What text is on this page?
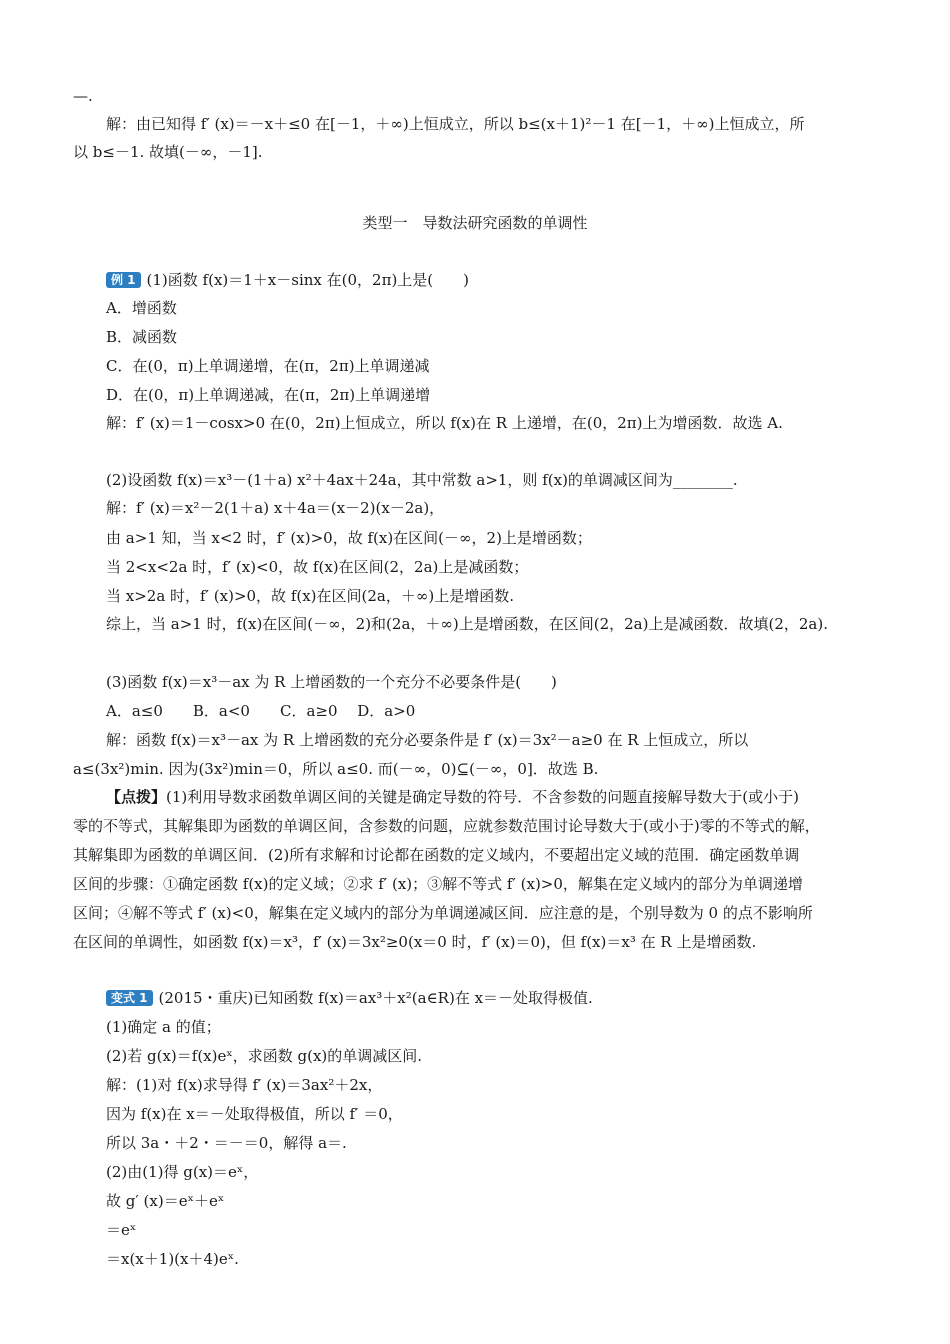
—.
解：由已知得 f′ (x)＝－x＋≤0 在[－1，＋∞)上恒成立，所以 b≤(x＋1)²－1 在[－1，＋∞)上恒成立，所
以 b≤－1. 故填(－∞，－1].
类型一　导数法研究函数的单调性
例 1 (1)函数 f(x)＝1＋x－sinx 在(0，2π)上是(　　)
A．增函数
B．减函数
C．在(0，π)上单调递增，在(π，2π)上单调递减
D．在(0，π)上单调递减，在(π，2π)上单调递增
解：f′ (x)＝1－cosx>0 在(0，2π)上恒成立，所以 f(x)在 R 上递增，在(0，2π)上为增函数．故选 A.
(2)设函数 f(x)＝x³－(1＋a) x²＋4ax＋24a，其中常数 a>1，则 f(x)的单调减区间为________.
解：f′ (x)＝x²－2(1＋a) x＋4a＝(x－2)(x－2a)，
由 a>1 知，当 x<2 时，f′ (x)>0，故 f(x)在区间(－∞，2)上是增函数；
当 2<x<2a 时，f′ (x)<0，故 f(x)在区间(2，2a)上是减函数；
当 x>2a 时，f′ (x)>0，故 f(x)在区间(2a，＋∞)上是增函数.
综上，当 a>1 时，f(x)在区间(－∞，2)和(2a，＋∞)上是增函数，在区间(2，2a)上是减函数．故填(2，2a).
(3)函数 f(x)＝x³－ax 为 R 上增函数的一个充分不必要条件是(　　)
A．a≤0　　B．a<0　　C．a≥0　 D．a>0
解：函数 f(x)＝x³－ax 为 R 上增函数的充分必要条件是 f′ (x)＝3x²－a≥0 在 R 上恒成立，所以
a≤(3x²)min. 因为(3x²)min＝0，所以 a≤0. 而(－∞，0)⊆(－∞，0]．故选 B.
【点拨】(1)利用导数求函数单调区间的关键是确定导数的符号．不含参数的问题直接解导数大于(或小于)
零的不等式，其解集即为函数的单调区间，含参数的问题，应就参数范围讨论导数大于(或小于)零的不等式的解，
其解集即为函数的单调区间．(2)所有求解和讨论都在函数的定义域内，不要超出定义域的范围．确定函数单调
区间的步骤：①确定函数 f(x)的定义域；②求 f′ (x)；③解不等式 f′ (x)>0，解集在定义域内的部分为单调递增
区间；④解不等式 f′ (x)<0，解集在定义域内的部分为单调递减区间．应注意的是，个别导数为 0 的点不影响所
在区间的单调性，如函数 f(x)＝x³，f′ (x)＝3x²≥0(x＝0 时，f′ (x)＝0)，但 f(x)＝x³ 在 R 上是增函数.
变式 1 (2015・重庆)已知函数 f(x)＝ax³＋x²(a∈R)在 x＝－处取得极值.
(1)确定 a 的值；
(2)若 g(x)＝f(x)eˣ，求函数 g(x)的单调减区间.
解：(1)对 f(x)求导得 f′ (x)＝3ax²＋2x，
因为 f(x)在 x＝－处取得极值，所以 f′ ＝0，
所以 3a・＋2・＝－＝0，解得 a＝.
(2)由(1)得 g(x)＝eˣ，
故 g′ (x)＝eˣ＋eˣ
＝eˣ
＝x(x＋1)(x＋4)eˣ.
